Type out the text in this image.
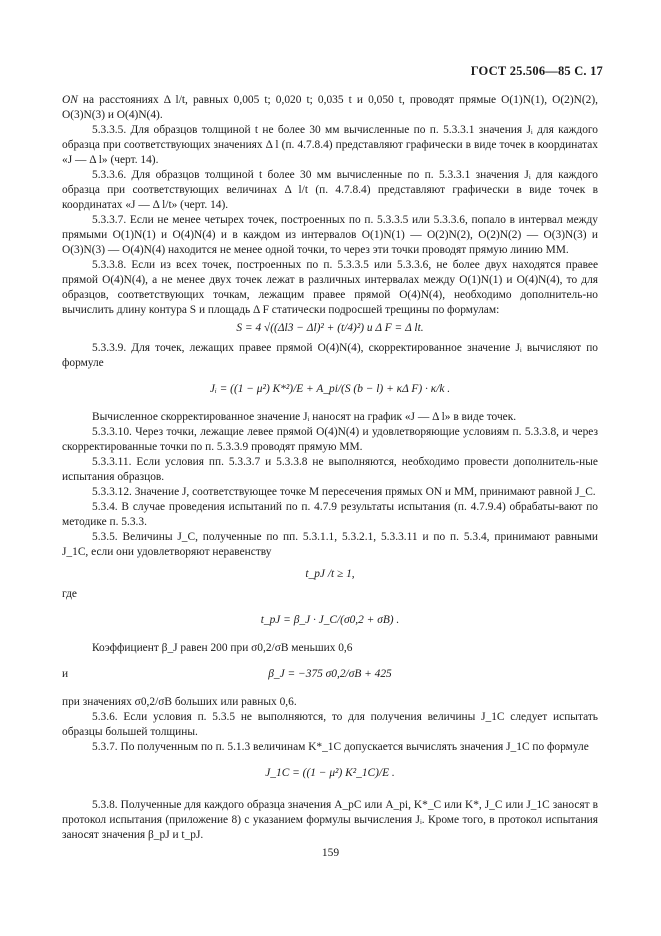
ГОСТ 25.506—85 С. 17

ON на расстояниях Δ l/t, равных 0,005 t; 0,020 t; 0,035 t и 0,050 t, проводят прямые O(1)N(1), O(2)N(2), O(3)N(3) и O(4)N(4).

5.3.3.5. Для образцов толщиной t не более 30 мм вычисленные по п. 5.3.3.1 значения Jᵢ для каждого образца при соответствующих значениях Δ l (п. 4.7.8.4) представляют графически в виде точек в координатах «J — Δ l» (черт. 14).

5.3.3.6. Для образцов толщиной t более 30 мм вычисленные по п. 5.3.3.1 значения Jᵢ для каждого образца при соответствующих величинах Δ l/t (п. 4.7.8.4) представляют графически в виде точек в координатах «J — Δ l/t» (черт. 14).

5.3.3.7. Если не менее четырех точек, построенных по п. 5.3.3.5 или 5.3.3.6, попало в интервал между прямыми O(1)N(1) и O(4)N(4) и в каждом из интервалов O(1)N(1) — O(2)N(2), O(2)N(2) — O(3)N(3) и O(3)N(3) — O(4)N(4) находится не менее одной точки, то через эти точки проводят прямую линию MM.

5.3.3.8. Если из всех точек, построенных по п. 5.3.3.5 или 5.3.3.6, не более двух находятся правее прямой O(4)N(4), а не менее двух точек лежат в различных интервалах между O(1)N(1) и O(4)N(4), то для образцов, соответствующих точкам, лежащим правее прямой O(4)N(4), необходимо дополнитель-но вычислить длину контура S и площадь Δ F статически подросшей трещины по формулам:

S = 4 √((Δl3 − Δl)² + (t/4)²) и Δ F = Δ lt.

5.3.3.9. Для точек, лежащих правее прямой O(4)N(4), скорректированное значение Jᵢ вычисляют по формуле

Jᵢ = ((1 − μ²) K*²)/E + A_pi/(S (b − l) + κΔ F) · κ/k .

Вычисленное скорректированное значение Jᵢ наносят на график «J — Δ l» в виде точек.

5.3.3.10. Через точки, лежащие левее прямой O(4)N(4) и удовлетворяющие условиям п. 5.3.3.8, и через скорректированные точки по п. 5.3.3.9 проводят прямую MM.

5.3.3.11. Если условия пп. 5.3.3.7 и 5.3.3.8 не выполняются, необходимо провести дополнитель-ные испытания образцов.

5.3.3.12. Значение J, соответствующее точке M пересечения прямых ON и MM, принимают равной J_C.

5.3.4. В случае проведения испытаний по п. 4.7.9 результаты испытания (п. 4.7.9.4) обрабаты-вают по методике п. 5.3.3.

5.3.5. Величины J_C, полученные по пп. 5.3.1.1, 5.3.2.1, 5.3.3.11 и по п. 5.3.4, принимают равными J_1C, если они удовлетворяют неравенству

t_pJ /t ≥ 1,

где

t_pJ = β_J · J_C/(σ0,2 + σB) .

Коэффициент β_J равен 200 при σ0,2/σB меньших 0,6

и	β_J = −375 σ0,2/σB + 425

при значениях σ0,2/σB больших или равных 0,6.

5.3.6. Если условия п. 5.3.5 не выполняются, то для получения величины J_1C следует испытать образцы большей толщины.

5.3.7. По полученным по п. 5.1.3 величинам K*_1C допускается вычислять значения J_1C по формуле

J_1C = ((1 − μ²) K²_1C)/E .

5.3.8. Полученные для каждого образца значения A_pC или A_pi, K*_C или K*, J_C или J_1C заносят в протокол испытания (приложение 8) с указанием формулы вычисления Jᵢ. Кроме того, в протокол испытания заносят значения β_pJ и t_pJ.

159
